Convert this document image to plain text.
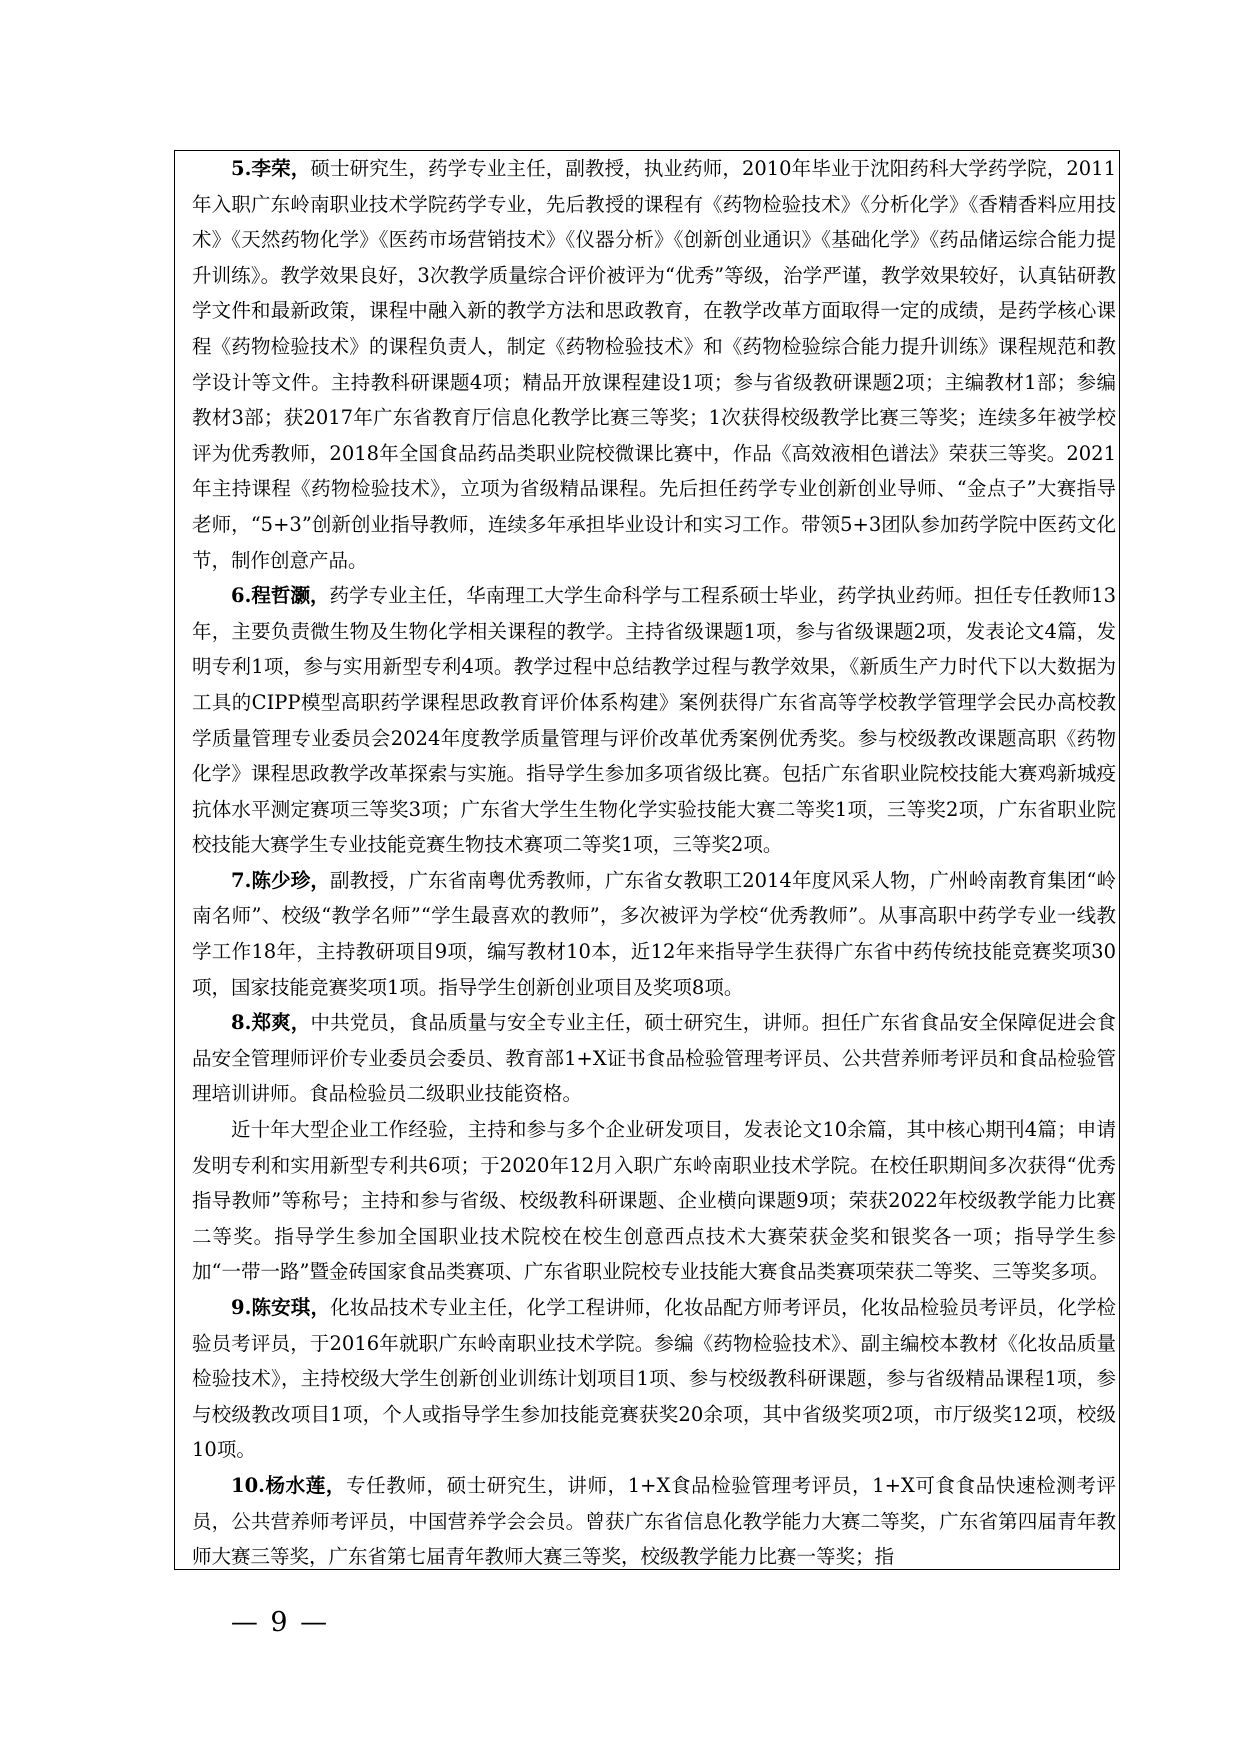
5.李荣，硕士研究生，药学专业主任，副教授，执业药师，2010年毕业于沈阳药科大学药学院，2011年入职广东岭南职业技术学院药学专业，先后教授的课程有《药物检验技术》《分析化学》《香精香料应用技术》《天然药物化学》《医药市场营销技术》《仪器分析》《创新创业通识》《基础化学》《药品储运综合能力提升训练》。教学效果良好，3次教学质量综合评价被评为“优秀”等级，治学严谨，教学效果较好，认真钻研教学文件和最新政策，课程中融入新的教学方法和思政教育，在教学改革方面取得一定的成绩，是药学核心课程《药物检验技术》的课程负责人，制定《药物检验技术》和《药物检验综合能力提升训练》课程规范和教学设计等文件。主持教科研课题4项；精品开放课程建设1项；参与省级教研课题2项；主编教材1部；参编教材3部；获2017年广东省教育厅信息化教学比赛三等奖；1次获得校级教学比赛三等奖；连续多年被学校评为优秀教师，2018年全国食品药品类职业院校微课比赛中，作品《高效液相色谱法》荣获三等奖。2021年主持课程《药物检验技术》，立项为省级精品课程。先后担任药学专业创新创业导师、“金点子”大赛指导老师，“5+3”创新创业指导教师，连续多年承担毕业设计和实习工作。带领5+3团队参加药学院中医药文化节，制作创意产品。

6.程哲灏，药学专业主任，华南理工大学生命科学与工程系硕士毕业，药学执业药师。担任专任教师13年，主要负责微生物及生物化学相关课程的教学。主持省级课题1项，参与省级课题2项，发表论文4篇，发明专利1项，参与实用新型专利4项。教学过程中总结教学过程与教学效果，《新质生产力时代下以大数据为工具的CIPP模型高职药学课程思政教育评价体系构建》案例获得广东省高等学校教学管理学会民办高校教学质量管理专业委员会2024年度教学质量管理与评价改革优秀案例优秀奖。参与校级教改课题高职《药物化学》课程思政教学改革探索与实施。指导学生参加多项省级比赛。包括广东省职业院校技能大赛鸡新城疫抗体水平测定赛项三等奖3项；广东省大学生生物化学实验技能大赛二等奖1项，三等奖2项，广东省职业院校技能大赛学生专业技能竞赛生物技术赛项二等奖1项，三等奖2项。

7.陈少珍，副教授，广东省南粤优秀教师，广东省女教职工2014年度风采人物，广州岭南教育集团“岭南名师”、校级“教学名师”“学生最喜欢的教师”，多次被评为学校“优秀教师”。从事高职中药学专业一线教学工作18年，主持教研项目9项，编写教材10本，近12年来指导学生获得广东省中药传统技能竞赛奖项30项，国家技能竞赛奖项1项。指导学生创新创业项目及奖项8项。

8.郑爽，中共党员，食品质量与安全专业主任，硕士研究生，讲师。担任广东省食品安全保障促进会食品安全管理师评价专业委员会委员、教育部1+X证书食品检验管理考评员、公共营养师考评员和食品检验管理培训讲师。食品检验员二级职业技能资格。

近十年大型企业工作经验，主持和参与多个企业研发项目，发表论文10余篇，其中核心期刊4篇；申请发明专利和实用新型专利共6项；于2020年12月入职广东岭南职业技术学院。在校任职期间多次获得“优秀指导教师”等称号；主持和参与省级、校级教科研课题、企业横向课题9项；荣获2022年校级教学能力比赛二等奖。指导学生参加全国职业技术院校在校生创意西点技术大赛荣获金奖和银奖各一项；指导学生参加“一带一路”暨金砖国家食品类赛项、广东省职业院校专业技能大赛食品类赛项荣获二等奖、三等奖多项。

9.陈安琪，化妆品技术专业主任，化学工程讲师，化妆品配方师考评员，化妆品检验员考评员，化学检验员考评员，于2016年就职广东岭南职业技术学院。参编《药物检验技术》、副主编校本教材《化妆品质量检验技术》，主持校级大学生创新创业训练计划项目1项、参与校级教科研课题，参与省级精品课程1项，参与校级教改项目1项，个人或指导学生参加技能竞赛获奖20余项，其中省级奖项2项，市厅级奖12项，校级10项。

10.杨水莲，专任教师，硕士研究生，讲师，1+X食品检验管理考评员，1+X可食食品快速检测考评员，公共营养师考评员，中国营养学会会员。曾获广东省信息化教学能力大赛二等奖，广东省第四届青年教师大赛三等奖，广东省第七届青年教师大赛三等奖，校级教学能力比赛一等奖；指

— 9 —
